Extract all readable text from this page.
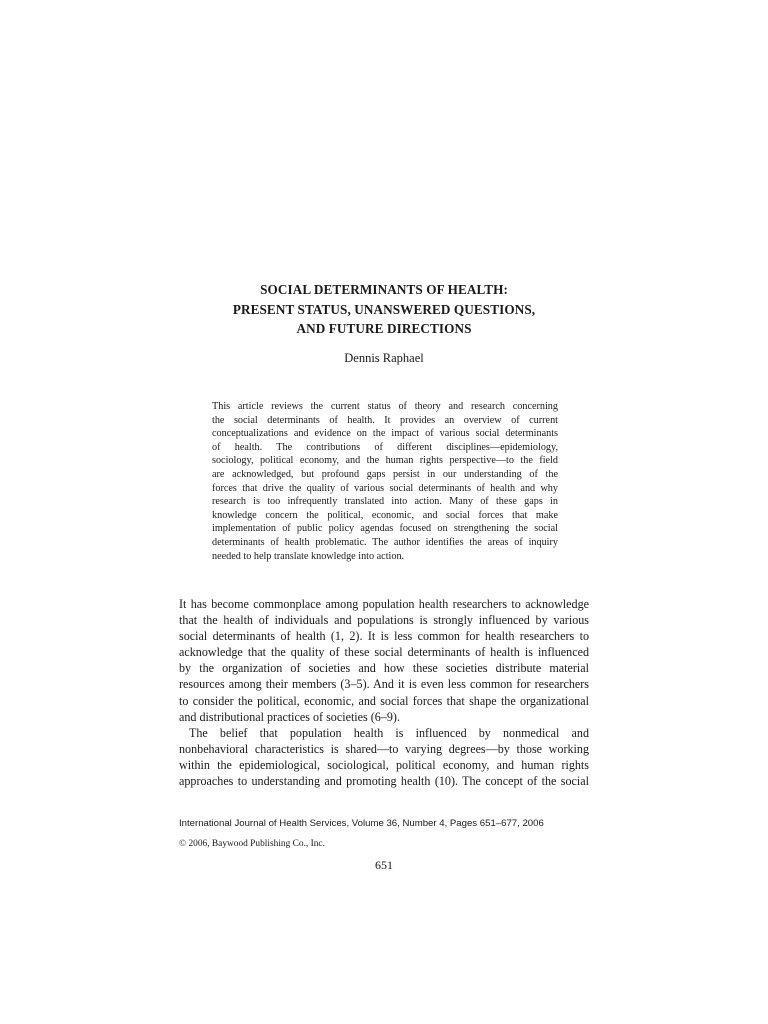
SOCIAL DETERMINANTS OF HEALTH:
PRESENT STATUS, UNANSWERED QUESTIONS,
AND FUTURE DIRECTIONS
Dennis Raphael
This article reviews the current status of theory and research concerning
the social determinants of health. It provides an overview of current
conceptualizations and evidence on the impact of various social determinants
of health. The contributions of different disciplines—epidemiology,
sociology, political economy, and the human rights perspective—to the field
are acknowledged, but profound gaps persist in our understanding of the
forces that drive the quality of various social determinants of health and why
research is too infrequently translated into action. Many of these gaps in
knowledge concern the political, economic, and social forces that make
implementation of public policy agendas focused on strengthening the social
determinants of health problematic. The author identifies the areas of inquiry
needed to help translate knowledge into action.
It has become commonplace among population health researchers to acknowledge
that the health of individuals and populations is strongly influenced by various
social determinants of health (1, 2). It is less common for health researchers to
acknowledge that the quality of these social determinants of health is influenced
by the organization of societies and how these societies distribute material
resources among their members (3–5). And it is even less common for researchers
to consider the political, economic, and social forces that shape the organizational
and distributional practices of societies (6–9).
The belief that population health is influenced by nonmedical and
nonbehavioral characteristics is shared—to varying degrees—by those working
within the epidemiological, sociological, political economy, and human rights
approaches to understanding and promoting health (10). The concept of the social
International Journal of Health Services, Volume 36, Number 4, Pages 651–677, 2006
© 2006, Baywood Publishing Co., Inc.
651
